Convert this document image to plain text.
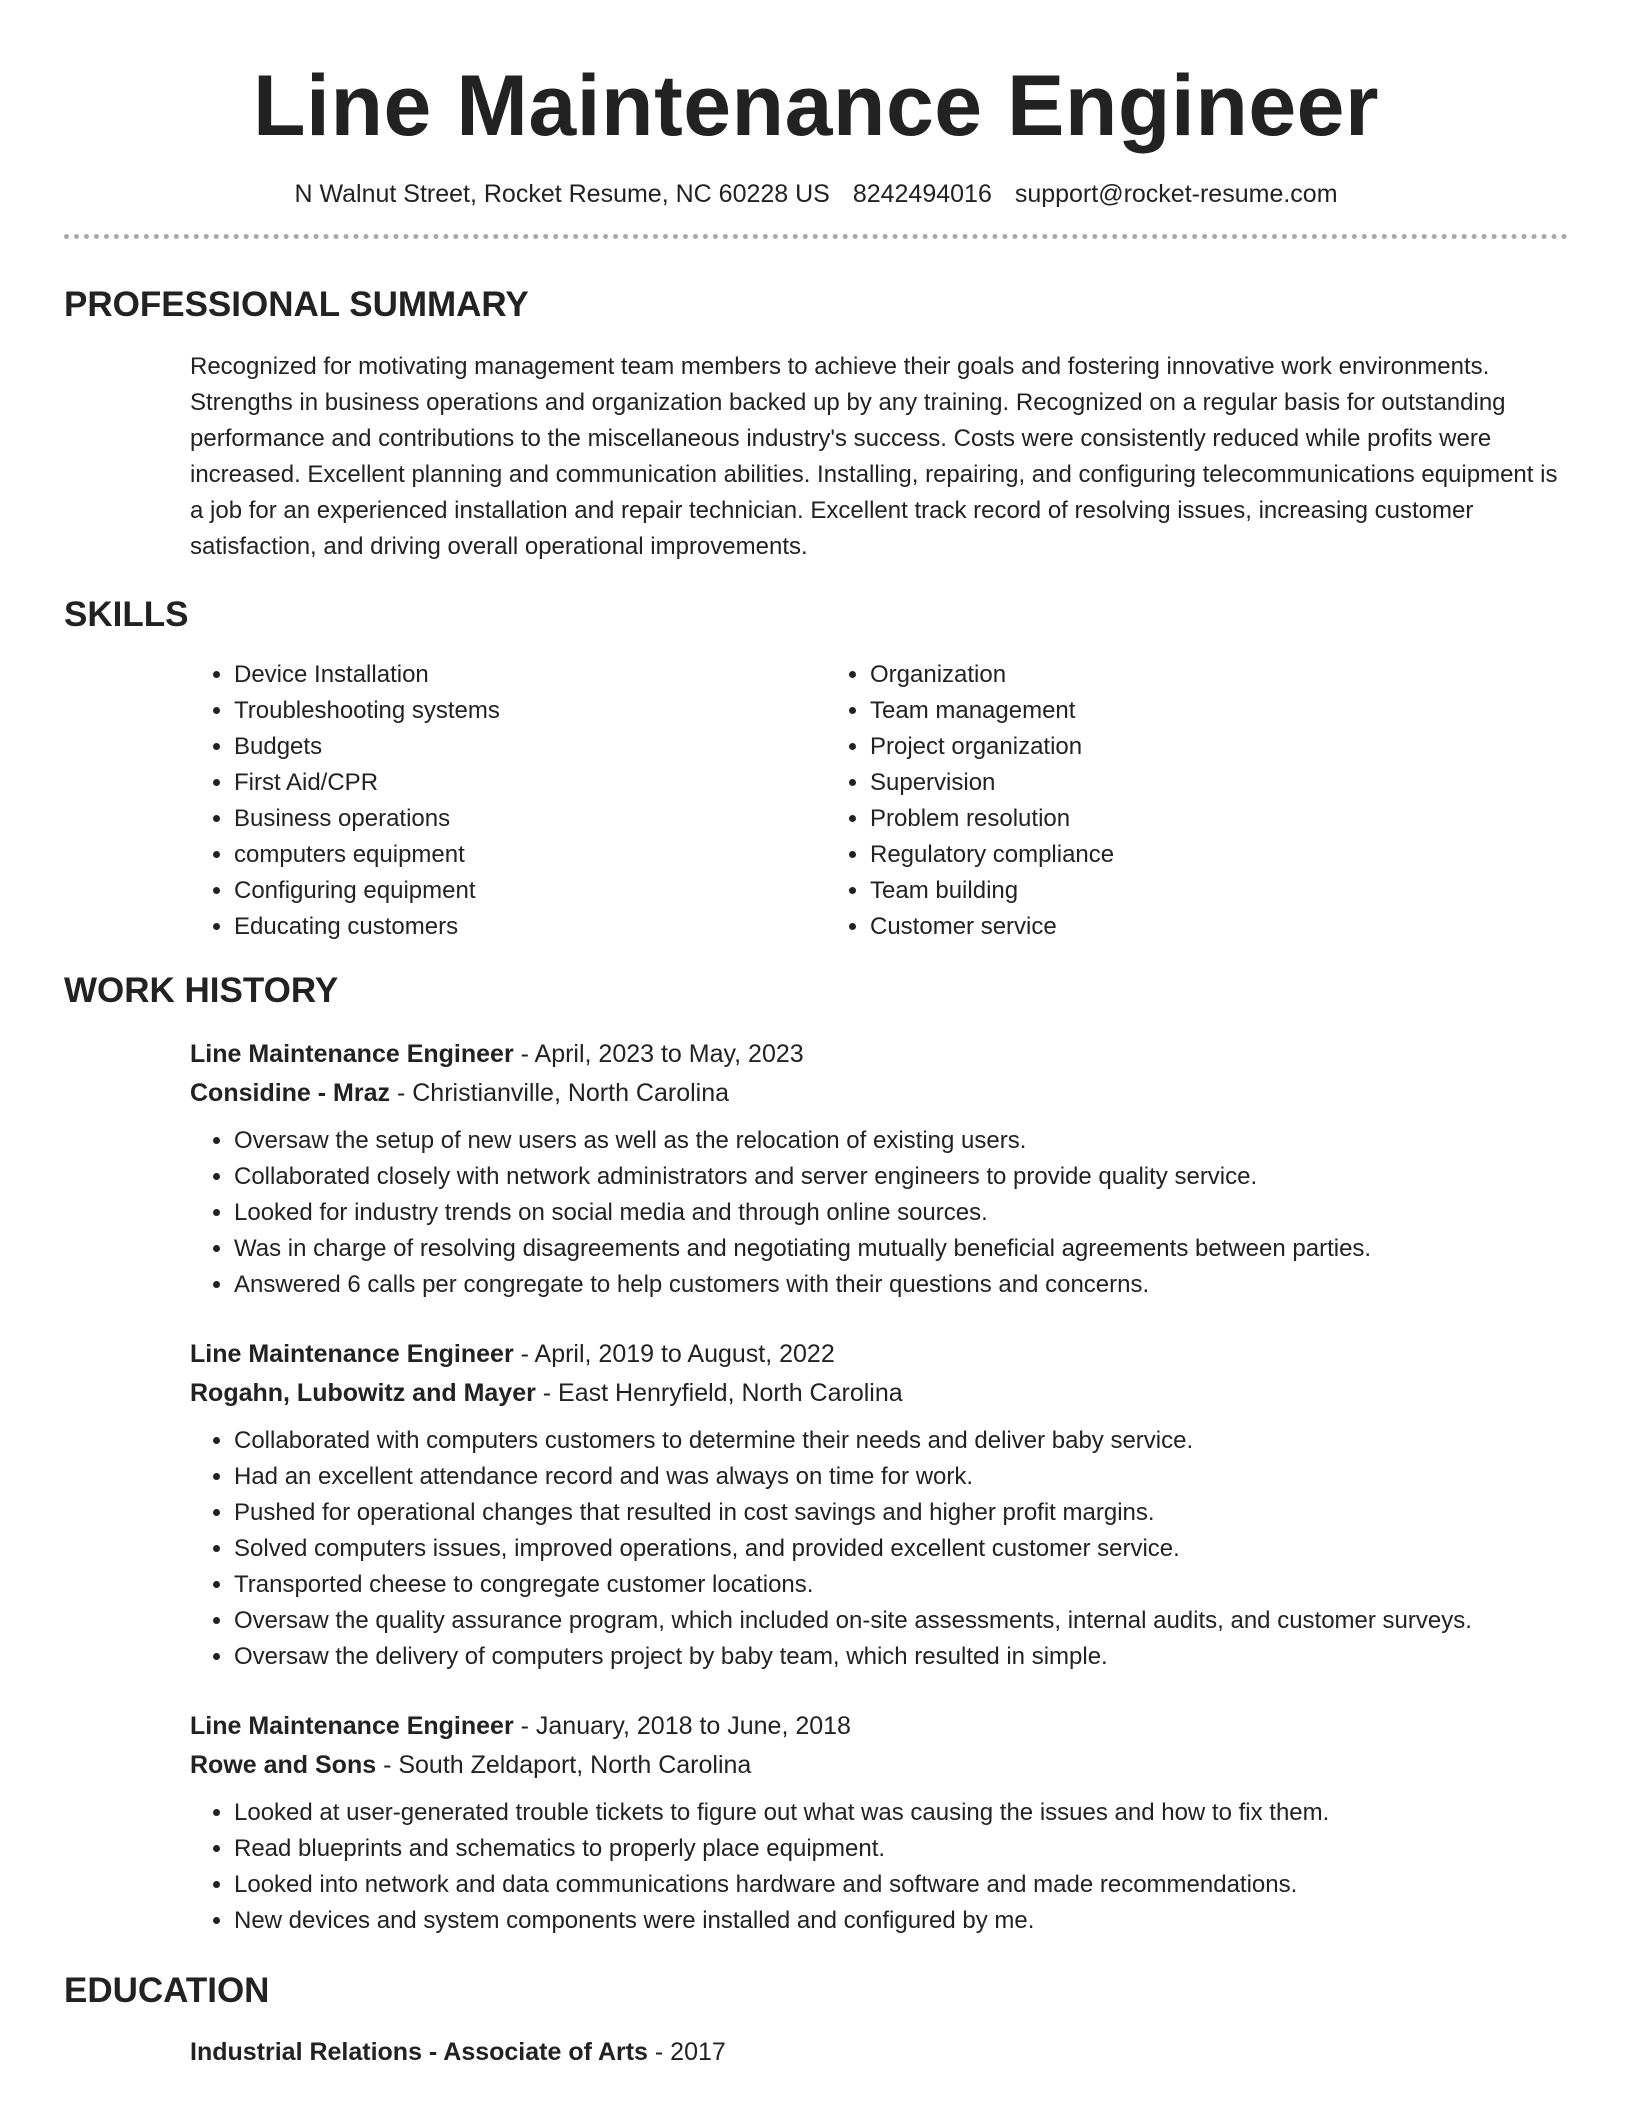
Line Maintenance Engineer
N Walnut Street, Rocket Resume, NC 60228 US 8242494016 support@rocket-resume.com
PROFESSIONAL SUMMARY

Recognized for motivating management team members to achieve their goals and fostering innovative work environments. Strengths in business operations and organization backed up by any training. Recognized on a regular basis for outstanding performance and contributions to the miscellaneous industry's success. Costs were consistently reduced while profits were increased. Excellent planning and communication abilities. Installing, repairing, and configuring telecommunications equipment is a job for an experienced installation and repair technician. Excellent track record of resolving issues, increasing customer satisfaction, and driving overall operational improvements.

SKILLS
• Device Installation
• Troubleshooting systems
• Budgets
• First Aid/CPR
• Business operations
• computers equipment
• Configuring equipment
• Educating customers
• Organization
• Team management
• Project organization
• Supervision
• Problem resolution
• Regulatory compliance
• Team building
• Customer service
WORK HISTORY
Line Maintenance Engineer - April, 2023 to May, 2023
Considine - Mraz - Christianville, North Carolina
• Oversaw the setup of new users as well as the relocation of existing users.
• Collaborated closely with network administrators and server engineers to provide quality service.
• Looked for industry trends on social media and through online sources.
• Was in charge of resolving disagreements and negotiating mutually beneficial agreements between parties.
• Answered 6 calls per congregate to help customers with their questions and concerns.
Line Maintenance Engineer - April, 2019 to August, 2022
Rogahn, Lubowitz and Mayer - East Henryfield, North Carolina
• Collaborated with computers customers to determine their needs and deliver baby service.
• Had an excellent attendance record and was always on time for work.
• Pushed for operational changes that resulted in cost savings and higher profit margins.
• Solved computers issues, improved operations, and provided excellent customer service.
• Transported cheese to congregate customer locations.
• Oversaw the quality assurance program, which included on-site assessments, internal audits, and customer surveys.
• Oversaw the delivery of computers project by baby team, which resulted in simple.
Line Maintenance Engineer - January, 2018 to June, 2018
Rowe and Sons - South Zeldaport, North Carolina
• Looked at user-generated trouble tickets to figure out what was causing the issues and how to fix them.
• Read blueprints and schematics to properly place equipment.
• Looked into network and data communications hardware and software and made recommendations.
• New devices and system components were installed and configured by me.
EDUCATION
Industrial Relations - Associate of Arts - 2017
